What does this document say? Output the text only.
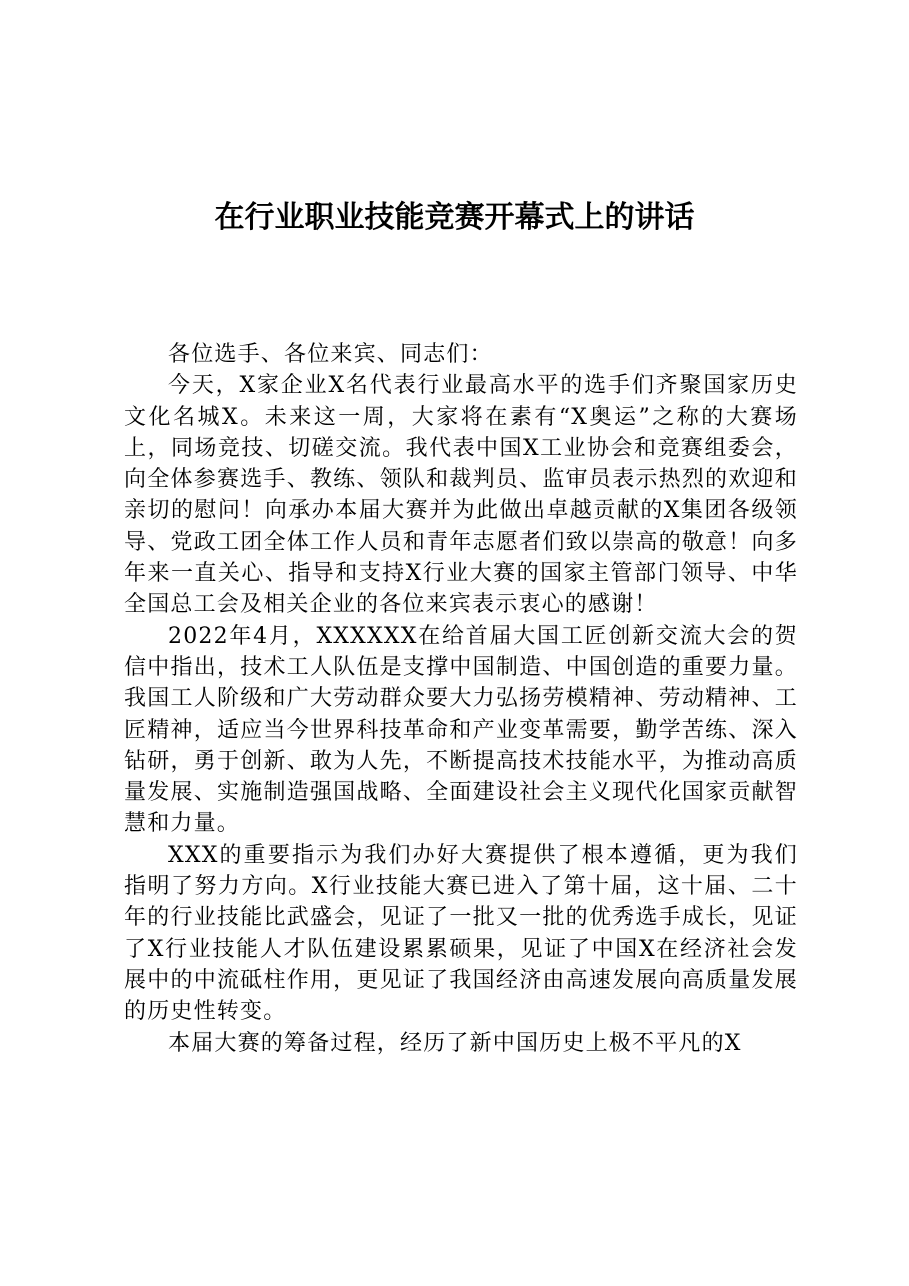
在行业职业技能竞赛开幕式上的讲话

各位选手、各位来宾、同志们：

今天，X家企业X名代表行业最高水平的选手们齐聚国家历史文化名城X。未来这一周，大家将在素有“X奥运”之称的大赛场上，同场竞技、切磋交流。我代表中国X工业协会和竞赛组委会，向全体参赛选手、教练、领队和裁判员、监审员表示热烈的欢迎和亲切的慰问！向承办本届大赛并为此做出卓越贡献的X集团各级领导、党政工团全体工作人员和青年志愿者们致以崇高的敬意！向多年来一直关心、指导和支持X行业大赛的国家主管部门领导、中华全国总工会及相关企业的各位来宾表示衷心的感谢！

2022年4月，XXXXXX在给首届大国工匠创新交流大会的贺信中指出，技术工人队伍是支撑中国制造、中国创造的重要力量。我国工人阶级和广大劳动群众要大力弘扬劳模精神、劳动精神、工匠精神，适应当今世界科技革命和产业变革需要，勤学苦练、深入钻研，勇于创新、敢为人先，不断提高技术技能水平，为推动高质量发展、实施制造强国战略、全面建设社会主义现代化国家贡献智慧和力量。

XXX的重要指示为我们办好大赛提供了根本遵循，更为我们指明了努力方向。X行业技能大赛已进入了第十届，这十届、二十年的行业技能比武盛会，见证了一批又一批的优秀选手成长，见证了X行业技能人才队伍建设累累硕果，见证了中国X在经济社会发展中的中流砥柱作用，更见证了我国经济由高速发展向高质量发展的历史性转变。

本届大赛的筹备过程，经历了新中国历史上极不平凡的X
